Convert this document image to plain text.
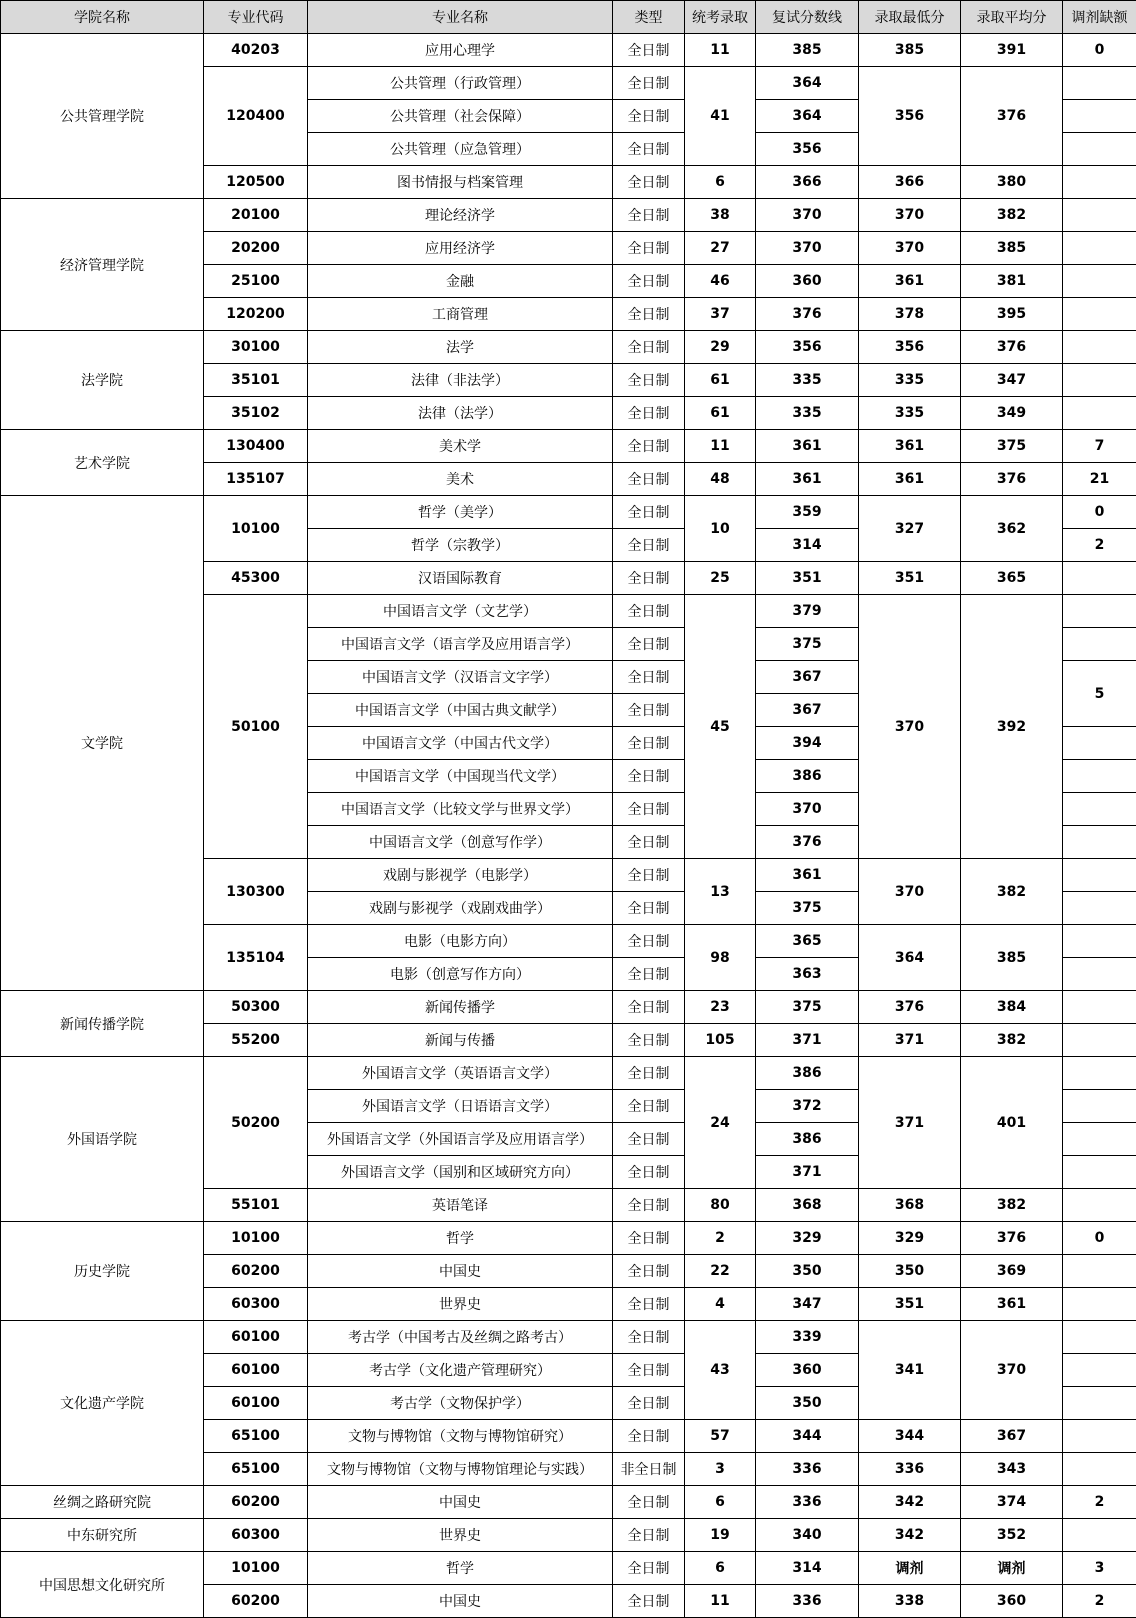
学院名称	专业代码	专业名称	类型	统考录取	复试分数线	录取最低分	录取平均分	调剂缺额
公共管理学院	40203	应用心理学	全日制	11	385	385	391	0
	120400	公共管理（行政管理）	全日制	41	364	356	376	
		公共管理（社会保障）	全日制		364			
		公共管理（应急管理）	全日制		356			
	120500	图书情报与档案管理	全日制	6	366	366	380	
经济管理学院	20100	理论经济学	全日制	38	370	370	382	
	20200	应用经济学	全日制	27	370	370	385	
	25100	金融	全日制	46	360	361	381	
	120200	工商管理	全日制	37	376	378	395	
法学院	30100	法学	全日制	29	356	356	376	
	35101	法律（非法学）	全日制	61	335	335	347	
	35102	法律（法学）	全日制	61	335	335	349	
艺术学院	130400	美术学	全日制	11	361	361	375	7
	135107	美术	全日制	48	361	361	376	21
文学院	10100	哲学（美学）	全日制	10	359	327	362	0
		哲学（宗教学）	全日制		314			2
	45300	汉语国际教育	全日制	25	351	351	365	
	50100	中国语言文学（文艺学）	全日制	45	379	370	392	
		中国语言文学（语言学及应用语言学）	全日制		375			
		中国语言文学（汉语言文字学）	全日制		367			5
		中国语言文学（中国古典文献学）	全日制		367			
		中国语言文学（中国古代文学）	全日制		394			
		中国语言文学（中国现当代文学）	全日制		386			
		中国语言文学（比较文学与世界文学）	全日制		370			
		中国语言文学（创意写作学）	全日制		376			
	130300	戏剧与影视学（电影学）	全日制	13	361	370	382	
		戏剧与影视学（戏剧戏曲学）	全日制		375			
	135104	电影（电影方向）	全日制	98	365	364	385	
		电影（创意写作方向）	全日制		363			
新闻传播学院	50300	新闻传播学	全日制	23	375	376	384	
	55200	新闻与传播	全日制	105	371	371	382	
外国语学院	50200	外国语言文学（英语语言文学）	全日制	24	386	371	401	
		外国语言文学（日语语言文学）	全日制		372			
		外国语言文学（外国语言学及应用语言学）	全日制		386			
		外国语言文学（国别和区域研究方向）	全日制		371			
	55101	英语笔译	全日制	80	368	368	382	
历史学院	10100	哲学	全日制	2	329	329	376	0
	60200	中国史	全日制	22	350	350	369	
	60300	世界史	全日制	4	347	351	361	
文化遗产学院	60100	考古学（中国考古及丝绸之路考古）	全日制	43	339	341	370	
	60100	考古学（文化遗产管理研究）	全日制		360			
	60100	考古学（文物保护学）	全日制		350			
	65100	文物与博物馆（文物与博物馆研究）	全日制	57	344	344	367	
	65100	文物与博物馆（文物与博物馆理论与实践）	非全日制	3	336	336	343	
丝绸之路研究院	60200	中国史	全日制	6	336	342	374	2
中东研究所	60300	世界史	全日制	19	340	342	352	
中国思想文化研究所	10100	哲学	全日制	6	314	调剂	调剂	3
	60200	中国史	全日制	11	336	338	360	2
